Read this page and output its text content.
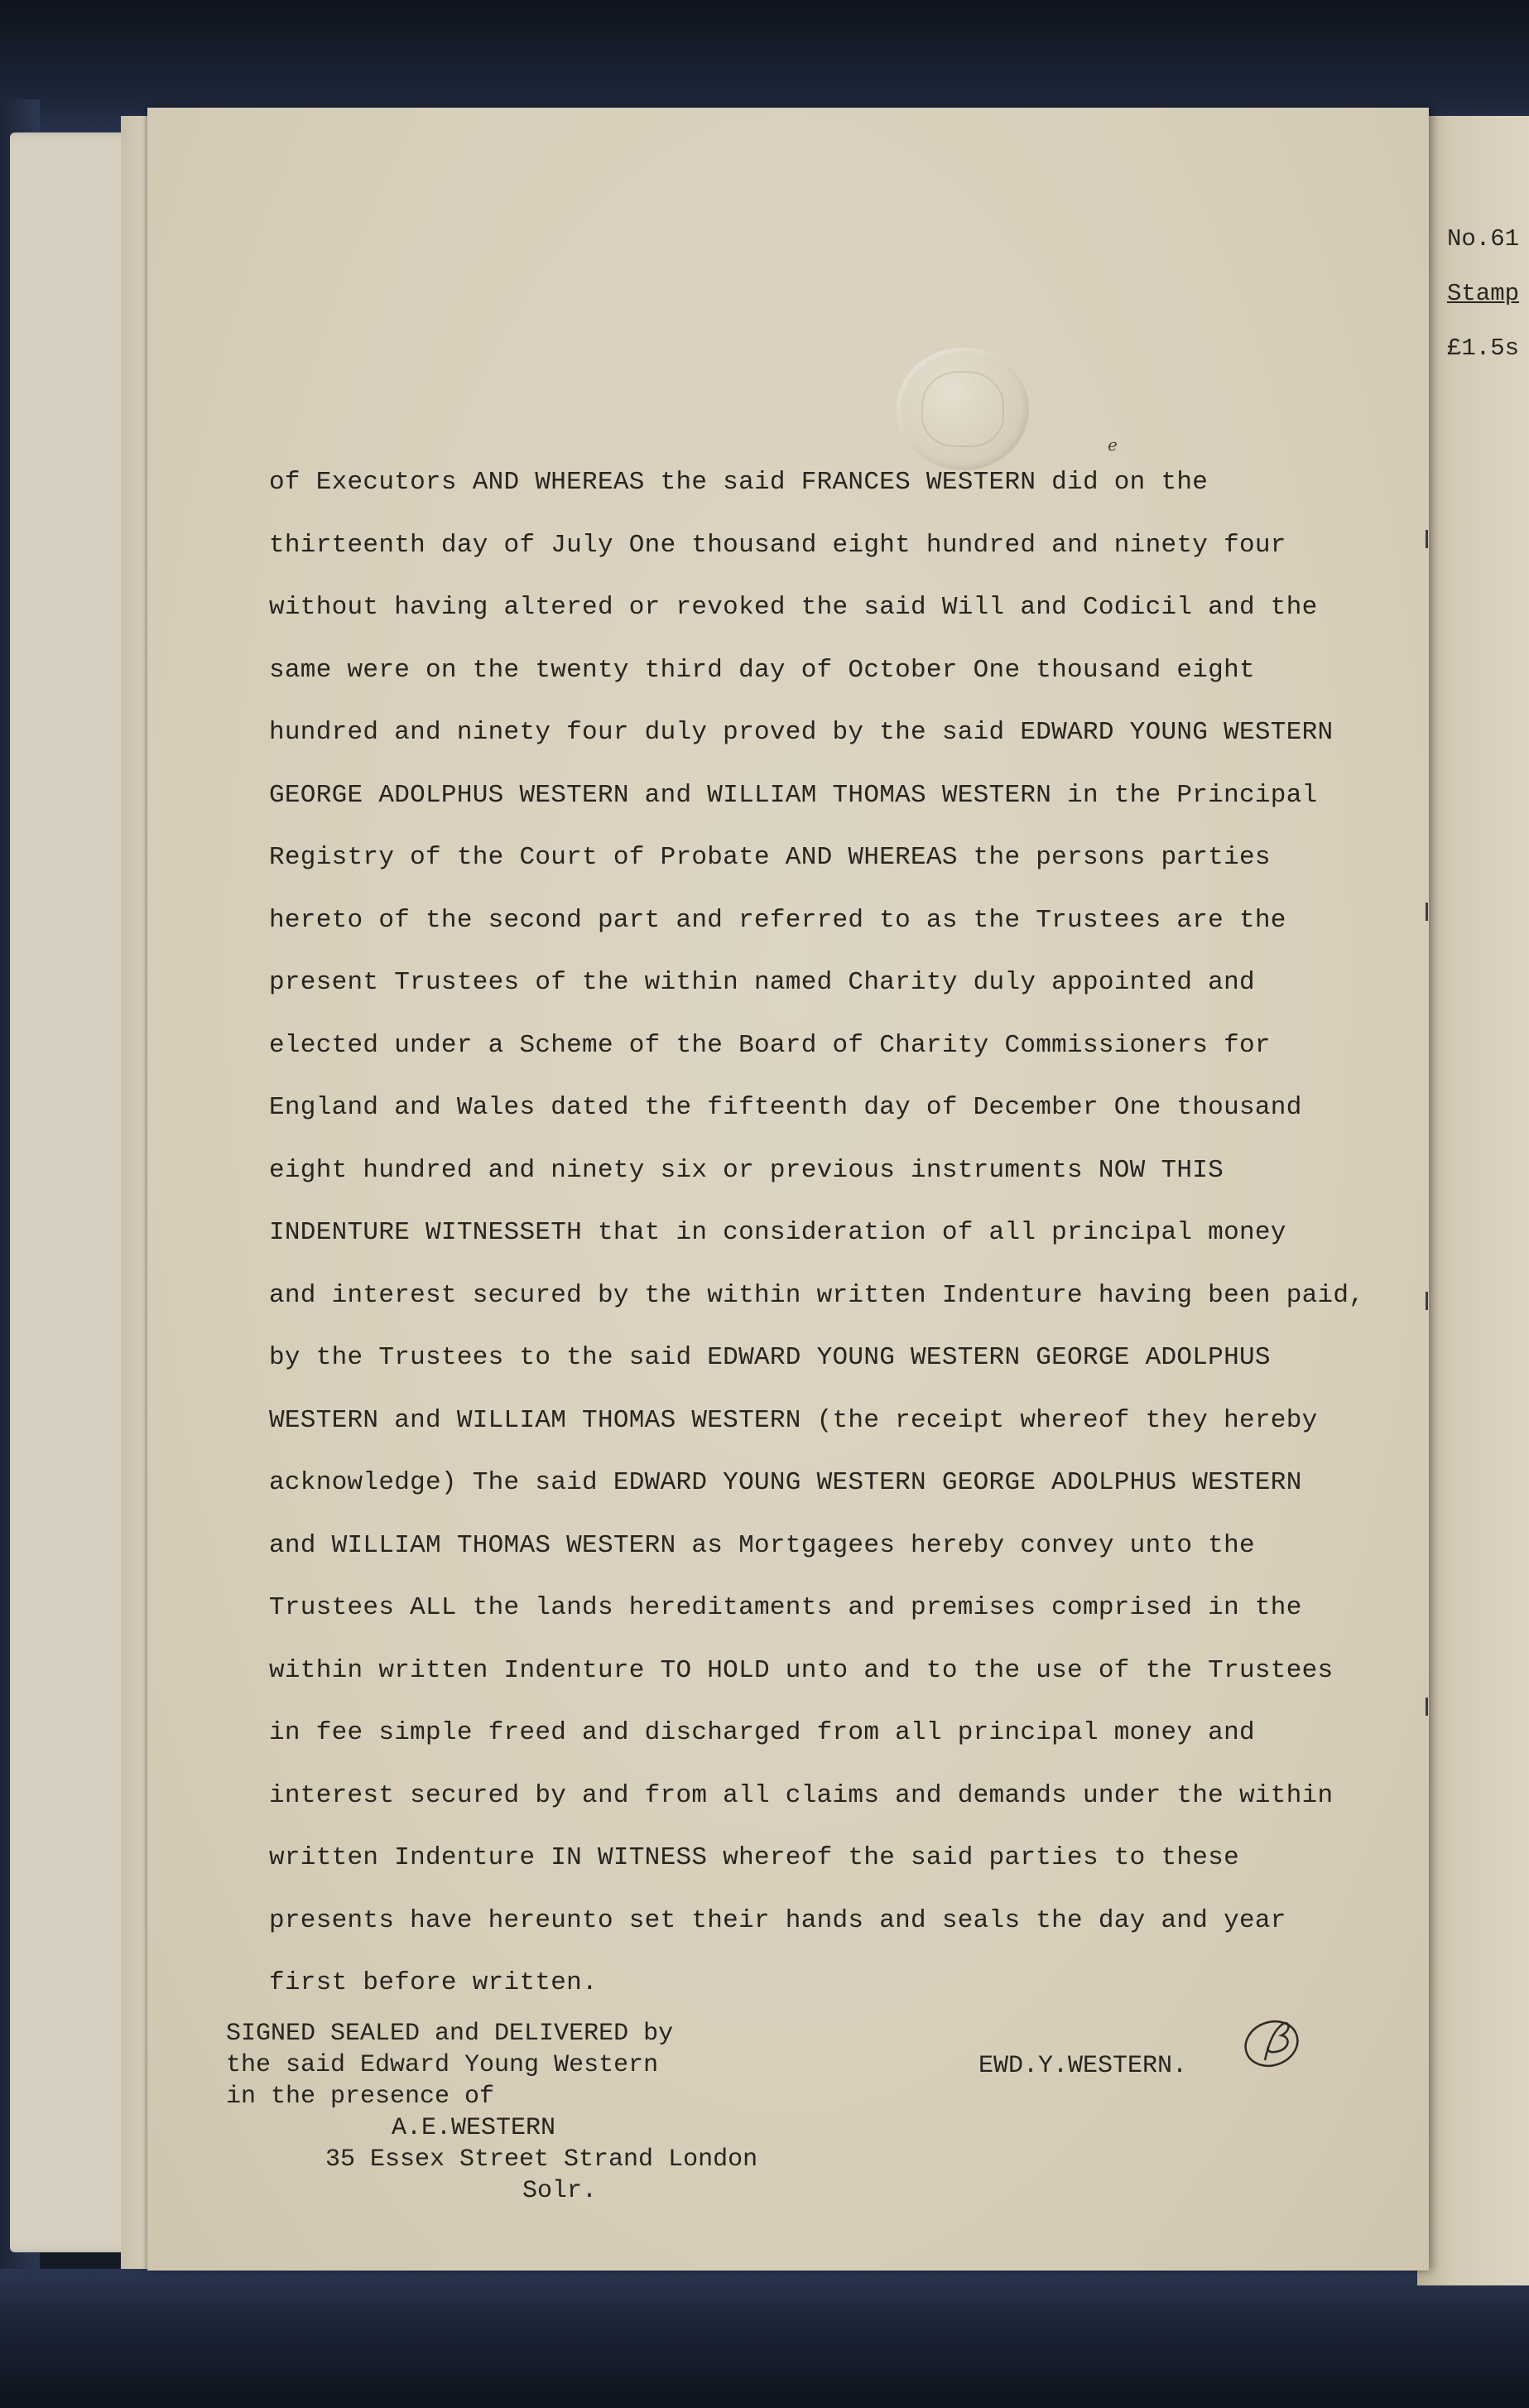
No.61
Stamp
£1.5s
e
of Executors AND WHEREAS the said FRANCES WESTERN did on the
thirteenth day of July One thousand eight hundred and ninety four
without having altered or revoked the said Will and Codicil and the
same were on the twenty third day of October One thousand eight
hundred and ninety four duly proved by the said EDWARD YOUNG WESTERN
GEORGE ADOLPHUS WESTERN and WILLIAM THOMAS WESTERN in the Principal
Registry of the Court of Probate AND WHEREAS the persons parties
hereto of the second part and referred to as the Trustees are the
present Trustees of the within named Charity duly appointed and
elected under a Scheme of the Board of Charity Commissioners for
England and Wales dated the fifteenth day of December One thousand
eight hundred and ninety six or previous instruments NOW THIS
INDENTURE WITNESSETH that in consideration of all principal money
and interest secured by the within written Indenture having been paid,
by the Trustees to the said EDWARD YOUNG WESTERN GEORGE ADOLPHUS
WESTERN and WILLIAM THOMAS WESTERN (the receipt whereof they hereby
acknowledge) The said EDWARD YOUNG WESTERN GEORGE ADOLPHUS WESTERN
and WILLIAM THOMAS WESTERN as Mortgagees hereby convey unto the
Trustees ALL the lands hereditaments and premises comprised in the
within written Indenture TO HOLD unto and to the use of the Trustees
in fee simple freed and discharged from all principal money and
interest secured by and from all claims and demands under the within
written Indenture IN WITNESS whereof the said parties to these
presents have hereunto set their hands and seals the day and year
first before written.
SIGNED SEALED and DELIVERED by
the said Edward Young Western
in the presence of
A.E.WESTERN
35 Essex Street Strand London
Solr.
EWD.Y.WESTERN.
